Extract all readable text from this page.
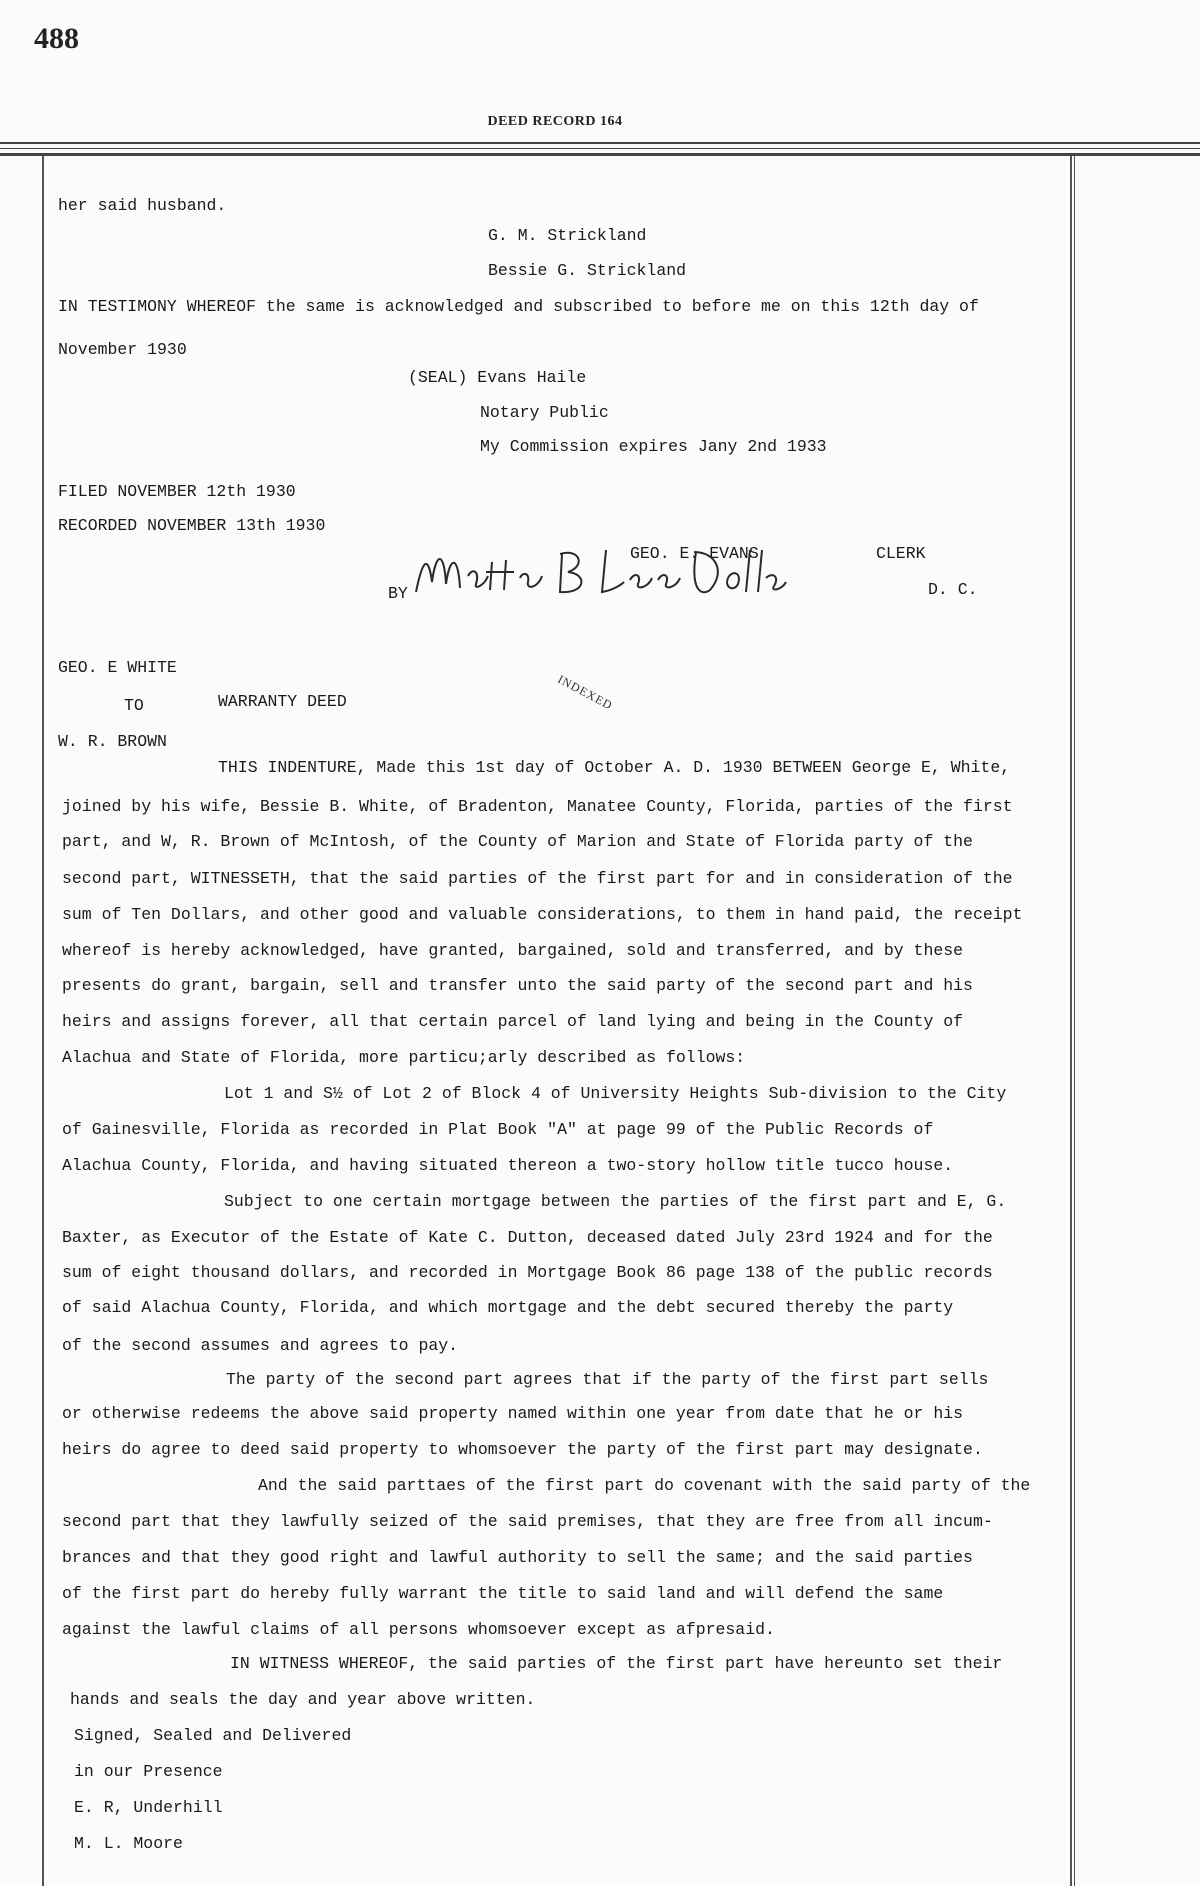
488
DEED RECORD 164
her said husband.
G. M. Strickland
Bessie G. Strickland
IN TESTIMONY WHEREOF the same is acknowledged and subscribed to before me on this 12th day of
November 1930
(SEAL) Evans Haile
Notary Public
My Commission expires Jany 2nd 1933
FILED NOVEMBER 12th 1930
RECORDED NOVEMBER 13th 1930
GEO. E. EVANS	CLERK
BY	D. C.
INDEXED
GEO. E WHITE
TO	WARRANTY DEED
W. R. BROWN
THIS INDENTURE, Made this 1st day of October A. D. 1930 BETWEEN George E, White,
joined by his wife, Bessie B. White, of Bradenton, Manatee County, Florida, parties of the first
part, and W, R. Brown of McIntosh, of the County of Marion and State of Florida party of the
second part, WITNESSETH, that the said parties of the first part for and in consideration of the
sum of Ten Dollars, and other good and valuable considerations, to them in hand paid, the receipt
whereof is hereby acknowledged, have granted, bargained, sold and transferred, and by these
presents do grant, bargain, sell and transfer unto the said party of the second part and his
heirs and assigns forever, all that certain parcel of land lying and being in the County of
Alachua and State of Florida, more particu;arly described as follows:
Lot 1 and S½ of Lot 2 of Block 4 of University Heights Sub-division to the City
of Gainesville, Florida as recorded in Plat Book "A" at page 99 of the Public Records of
Alachua County, Florida, and having situated thereon a two-story hollow title tucco house.
Subject to one certain mortgage between the parties of the first part and E, G.
Baxter, as Executor of the Estate of Kate C. Dutton, deceased dated July 23rd 1924 and for the
sum of eight thousand dollars, and recorded in Mortgage Book 86 page 138 of the public records
of said Alachua County, Florida, and which mortgage and the debt secured thereby the party
of the second assumes and agrees to pay.
The party of the second part agrees that if the party of the first part sells
or otherwise redeems the above said property named within one year from date that he or his
heirs do agree to deed said property to whomsoever the party of the first part may designate.
And the said parttaes of the first part do covenant with the said party of the
second part that they lawfully seized of the said premises, that they are free from all incum-
brances and that they good right and lawful authority to sell the same; and the said parties
of the first part do hereby fully warrant the title to said land and will defend the same
against the lawful claims of all persons whomsoever except as afpresaid.
IN WITNESS WHEREOF, the said parties of the first part have hereunto set their
hands and seals the day and year above written.
Signed, Sealed and Delivered
in our Presence
E. R, Underhill
M. L. Moore
